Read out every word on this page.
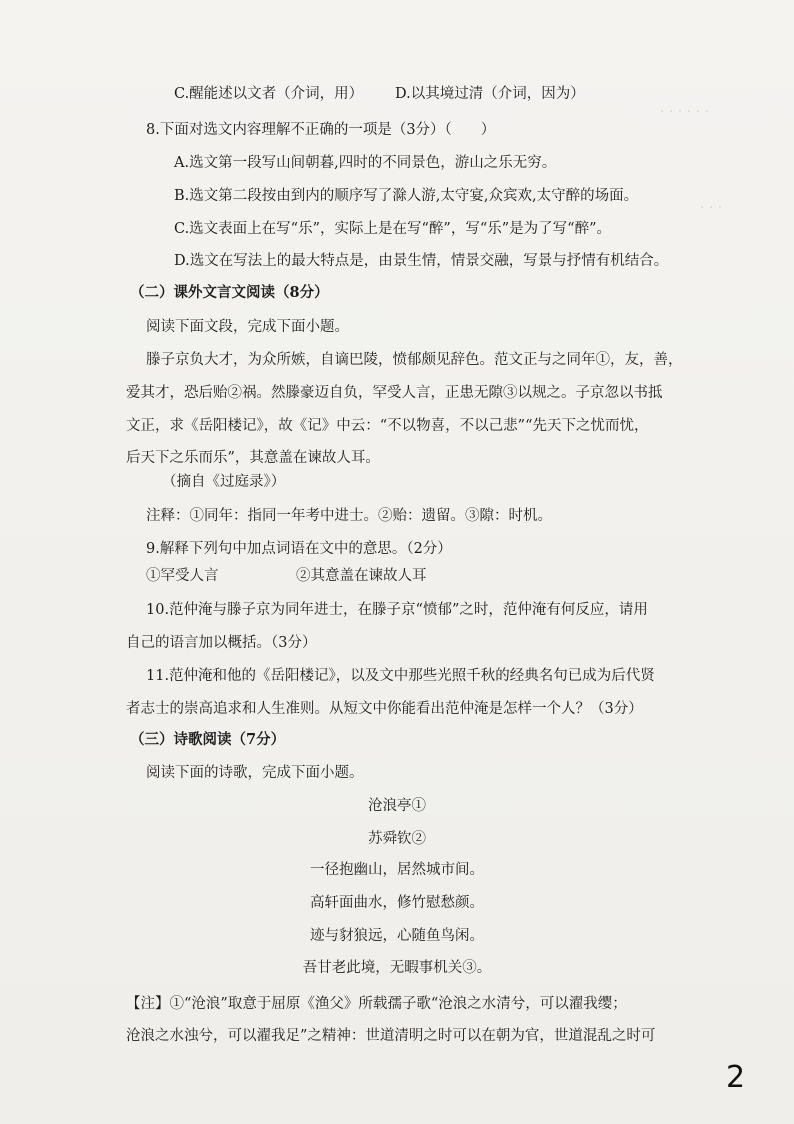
· · · · · ·
· · ·
C.醒能述以文者（介词，用） D.以其境过清（介词，因为）
8.下面对选文内容理解不正确的一项是（3分）（　　）
A.选文第一段写山间朝暮,四时的不同景色，游山之乐无穷。
B.选文第二段按由到内的顺序写了滁人游,太守宴,众宾欢,太守醉的场面。
C.选文表面上在写“乐”，实际上是在写“醉”，写“乐”是为了写“醉”。
D.选文在写法上的最大特点是，由景生情，情景交融，写景与抒情有机结合。
（二）课外文言文阅读（8分）
阅读下面文段，完成下面小题。
滕子京负大才，为众所嫉，自谪巴陵，愤郁颇见辞色。范文正与之同年①，友，善，
爱其才，恐后贻②祸。然滕豪迈自负，罕受人言，正患无隙③以规之。子京忽以书抵
文正，求《岳阳楼记》，故《记》中云：“不以物喜，不以己悲”“先天下之忧而忧，
后天下之乐而乐”，其意盖在谏故人耳。
（摘自《过庭录》）
注释：①同年：指同一年考中进士。②贻：遗留。③隙：时机。
9.解释下列句中加点词语在文中的意思。（2分）
①罕受人言	②其意盖在谏故人耳
10.范仲淹与滕子京为同年进士，在滕子京“愤郁”之时，范仲淹有何反应，请用
自己的语言加以概括。（3分）
11.范仲淹和他的《岳阳楼记》，以及文中那些光照千秋的经典名句已成为后代贤
者志士的崇高追求和人生准则。从短文中你能看出范仲淹是怎样一个人？（3分）
（三）诗歌阅读（7分）
阅读下面的诗歌，完成下面小题。
沧浪亭①
苏舜钦②
一径抱幽山，居然城市间。
高轩面曲水，修竹慰愁颜。
迹与豺狼远，心随鱼鸟闲。
吾甘老此境，无暇事机关③。
【注】①“沧浪”取意于屈原《渔父》所载孺子歌“沧浪之水清兮，可以濯我缨；
沧浪之水浊兮，可以濯我足”之精神：世道清明之时可以在朝为官，世道混乱之时可
2
